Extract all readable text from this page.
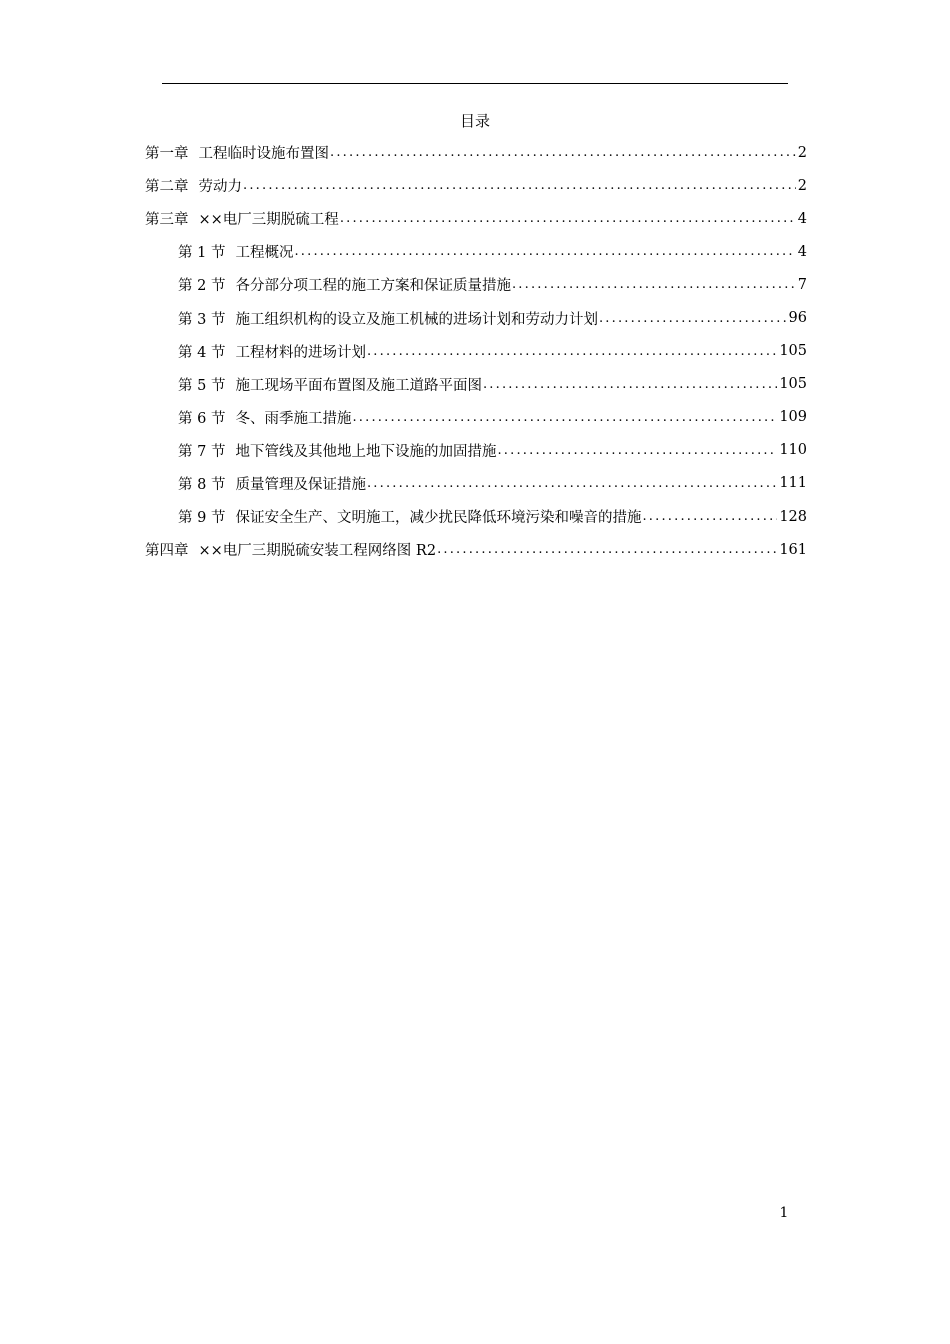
目录
第一章 工程临时设施布置图 .....	2
第二章 劳动力 .....	2
第三章 ××电厂三期脱硫工程 .....	4
第 1 节 工程概况 .....	4
第 2 节 各分部分项工程的施工方案和保证质量措施 .....	7
第 3 节 施工组织机构的设立及施工机械的进场计划和劳动力计划 .....	96
第 4 节 工程材料的进场计划 .....	105
第 5 节 施工现场平面布置图及施工道路平面图 .....	105
第 6 节 冬、雨季施工措施 .....	109
第 7 节 地下管线及其他地上地下设施的加固措施 .....	110
第 8 节 质量管理及保证措施 .....	111
第 9 节 保证安全生产、文明施工，减少扰民降低环境污染和噪音的措施 .....	128
第四章 ××电厂三期脱硫安装工程网络图 R2 .....	161
1
